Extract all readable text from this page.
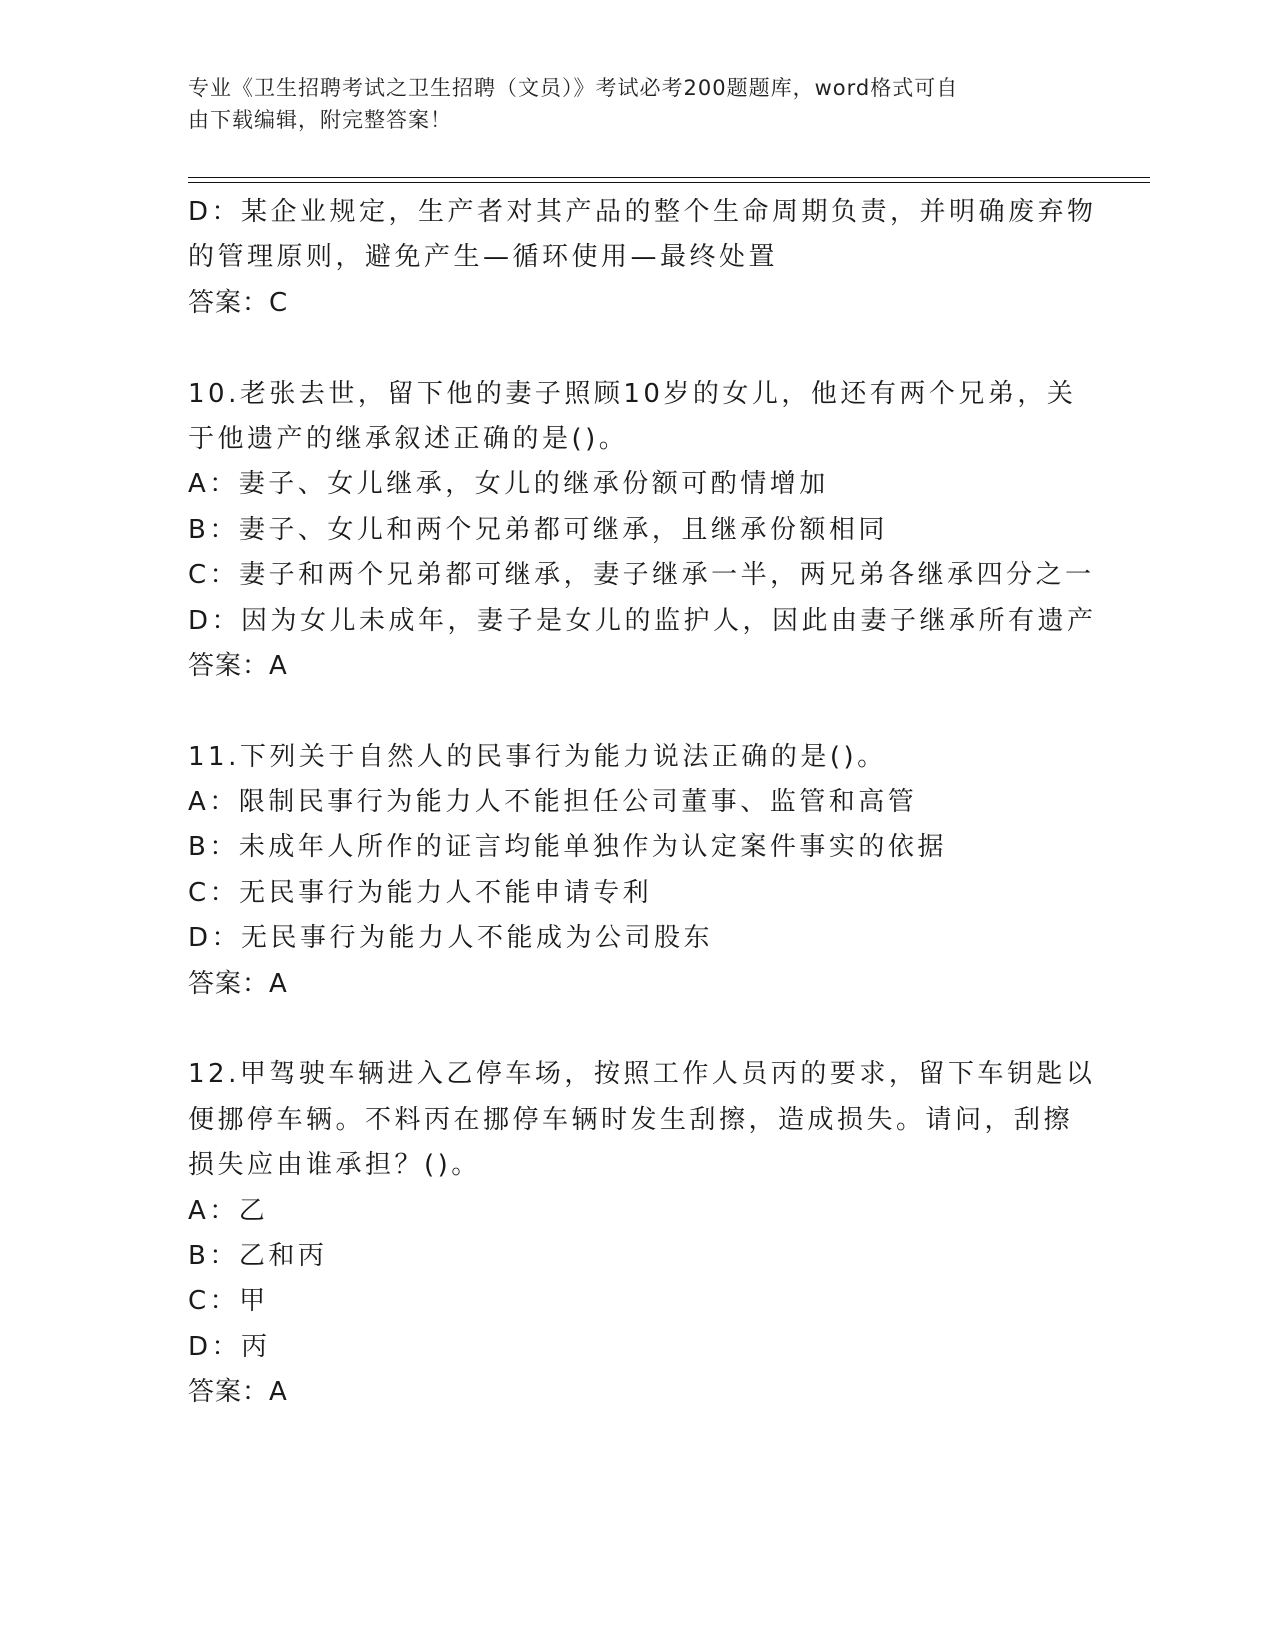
专业《卫生招聘考试之卫生招聘（文员）》考试必考200题题库，word格式可自
由下载编辑，附完整答案！
D：某企业规定，生产者对其产品的整个生命周期负责，并明确废弃物
的管理原则，避免产生—循环使用—最终处置
答案：C
10.老张去世，留下他的妻子照顾10岁的女儿，他还有两个兄弟，关
于他遗产的继承叙述正确的是()。
A：妻子、女儿继承，女儿的继承份额可酌情增加
B：妻子、女儿和两个兄弟都可继承，且继承份额相同
C：妻子和两个兄弟都可继承，妻子继承一半，两兄弟各继承四分之一
D：因为女儿未成年，妻子是女儿的监护人，因此由妻子继承所有遗产
答案：A
11.下列关于自然人的民事行为能力说法正确的是()。
A：限制民事行为能力人不能担任公司董事、监管和高管
B：未成年人所作的证言均能单独作为认定案件事实的依据
C：无民事行为能力人不能申请专利
D：无民事行为能力人不能成为公司股东
答案：A
12.甲驾驶车辆进入乙停车场，按照工作人员丙的要求，留下车钥匙以
便挪停车辆。不料丙在挪停车辆时发生刮擦，造成损失。请问，刮擦
损失应由谁承担？()。
A：乙
B：乙和丙
C：甲
D：丙
答案：A
